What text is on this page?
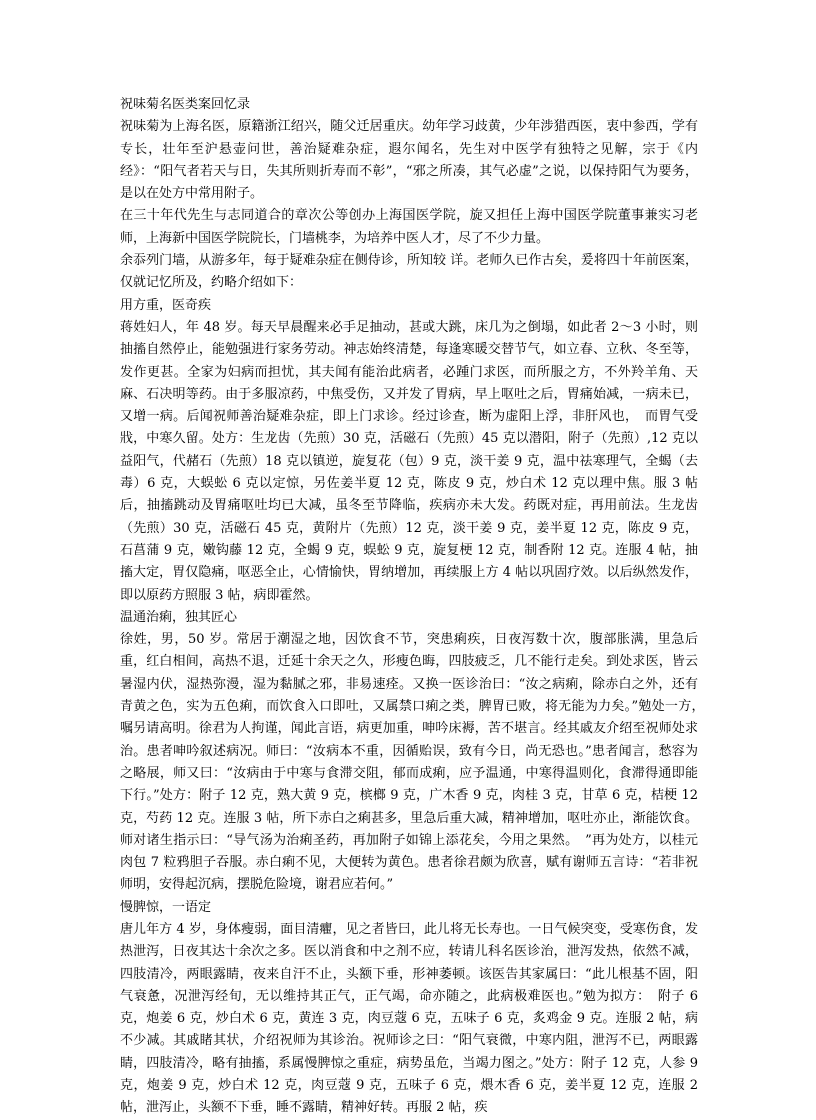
祝味菊名医类案回忆录

祝味菊为上海名医，原籍浙江绍兴，随父迁居重庆。幼年学习歧黄，少年涉猎西医，衷中参西，学有专长，壮年至沪悬壶问世，善治疑难杂症，遐尔闻名，先生对中医学有独特之见解，宗于《内经》：“阳气者若天与日，失其所则折寿而不彰”，“邪之所凑，其气必虚”之说，以保持阳气为要务，是以在处方中常用附子。

在三十年代先生与志同道合的章次公等创办上海国医学院，旋又担任上海中国医学院董事兼实习老师，上海新中国医学院院长，门墙桃李，为培养中医人才，尽了不少力量。

余忝列门墙，从游多年，每于疑难杂症在侧侍诊，所知较 详。老师久已作古矣，爰将四十年前医案，仅就记忆所及，约略介绍如下：

用方重，医奇疾

蒋姓妇人，年 48 岁。每天早晨醒来必手足抽动，甚或大跳，床几为之倒塌，如此者 2～3 小时，则抽搐自然停止，能勉强进行家务劳动。神志始终清楚，每逢寒暖交替节气，如立春、立秋、冬至等，发作更甚。全家为妇病而担忧，其夫闻有能治此病者，必踵门求医，而所服之方，不外羚羊角、天麻、石决明等药。由于多服凉药，中焦受伤，又并发了胃病，早上呕吐之后，胃痛始减，一病未已，又增一病。后闻祝师善治疑难杂症，即上门求诊。经过诊查，断为虚阳上浮，非肝风也，　而胃气受戕，中寒久留。处方：生龙齿（先煎）30 克，活磁石（先煎）45 克以潜阳，附子（先煎）,12 克以益阳气，代赭石（先煎）18 克以镇逆，旋复花（包）9 克，淡干姜 9 克，温中祛寒理气，全蝎（去毒）6 克，大蜈蚣 6 克以定惊，另佐姜半夏 12 克，陈皮 9 克，炒白术 12 克以理中焦。服 3 帖后，抽搐跳动及胃痛呕吐均已大减，虽冬至节降临，疾病亦未大发。药既对症，再用前法。生龙齿（先煎）30 克，活磁石 45 克，黄附片（先煎）12 克，淡干姜 9 克，姜半夏 12 克，陈皮 9 克，石菖蒲 9 克，嫩钩藤 12 克，全蝎 9 克，蜈蚣 9 克，旋复梗 12 克，制香附 12 克。连服 4 帖，抽搐大定，胃仅隐痛，呕恶全止，心情愉快，胃纳增加，再续服上方 4 帖以巩固疗效。以后纵然发作，即以原药方照服 3 帖，病即霍然。

温通治痢，独其匠心

徐姓，男，50 岁。常居于潮湿之地，因饮食不节，突患痢疾，日夜泻数十次，腹部胀满，里急后重，红白相间，高热不退，迁延十余天之久，形瘦色晦，四肢疲乏，几不能行走矣。到处求医，皆云暑湿内伏，湿热弥漫，湿为黏腻之邪，非易速痊。又换一医诊治曰：“汝之病痢，除赤白之外，还有青黄之色，实为五色痢，而饮食入口即吐，又属禁口痢之类，脾胃已败，将无能为力矣。”勉处一方，　嘱另请高明。徐君为人拘谨，闻此言语，病更加重，呻吟床褥，苦不堪言。经其戚友介绍至祝师处求治。患者呻吟叙述病况。师曰：“汝病本不重，因循贻误，致有今日，尚无恐也。”患者闻言，愁容为之略展，师又曰：“汝病由于中寒与食滞交阻，郁而成痢，应予温通，中寒得温则化，食滞得通即能下行。”处方：附子 12 克，熟大黄 9 克，槟榔 9 克，广木香 9 克，肉桂 3 克，甘草 6 克，桔梗 12 克，芍药 12 克。连服 3 帖，所下赤白之痢甚多，里急后重大减，精神增加，呕吐亦止，渐能饮食。师对诸生指示曰：“导气汤为治痢圣药，再加附子如锦上添花矣，今用之果然。　”再为处方，以桂元肉包 7 粒鸦胆子吞服。赤白痢不见，大便转为黄色。患者徐君颇为欣喜，赋有谢师五言诗：“若非祝师明，安得起沉病，摆脱危险境，谢君应若何。”

慢脾惊，一语定

唐儿年方 4 岁，身体瘦弱，面目清癯，见之者皆曰，此儿将无长寿也。一日气候突变，受寒伤食，发热泄泻，日夜其达十余次之多。医以消食和中之剂不应，转请儿科名医诊治，泄泻发热，依然不减，四肢清冷，两眼露睛，夜来自汗不止，头额下垂，形神萎顿。该医告其家属曰：“此儿根基不固，阳气衰惫，况泄泻经旬，无以维持其正气，正气竭，命亦随之，此病极难医也。”勉为拟方：　附子 6 克，炮姜 6 克，炒白术 6 克，黄连 3 克，肉豆蔻 6 克，五味子 6 克，炙鸡金 9 克。连服 2 帖，病不少减。其戚睹其状，介绍祝师为其诊治。祝师诊之曰：“阳气衰微，中寒内阻，泄泻不已，两眼露睛，四肢清冷，略有抽搐，系属慢脾惊之重症，病势虽危，当竭力图之。”处方：附子 12 克，人参 9 克，炮姜 9 克，炒白术 12 克，肉豆蔻 9 克，五味子 6 克，煨木香 6 克，姜半夏 12 克，连服 2 帖，泄泻止，头额不下垂，睡不露睛，精神好转。再服 2 帖，疾
